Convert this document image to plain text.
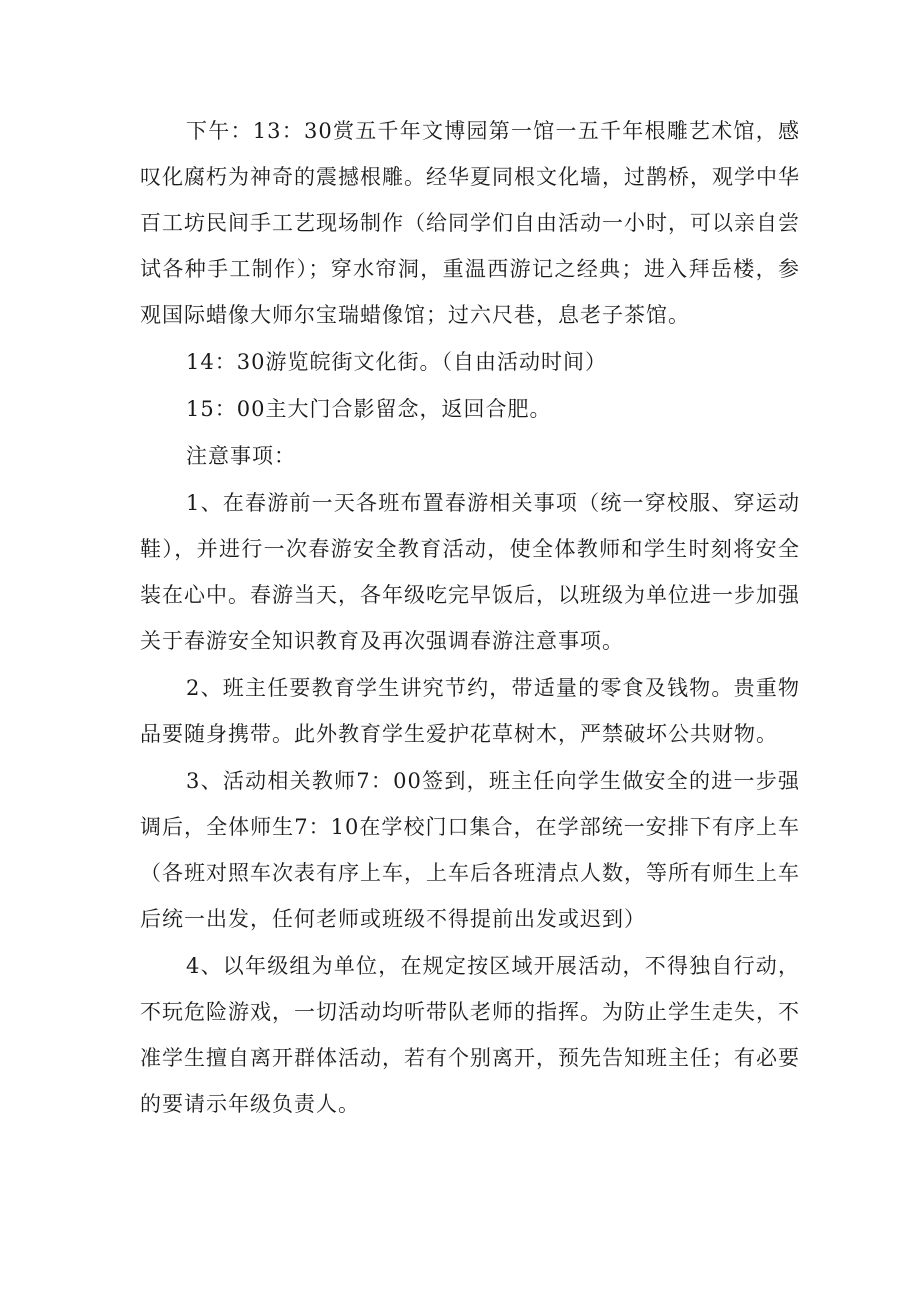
下午：13：30赏五千年文博园第一馆一五千年根雕艺术馆，感叹化腐朽为神奇的震撼根雕。经华夏同根文化墙，过鹊桥，观学中华百工坊民间手工艺现场制作（给同学们自由活动一小时，可以亲自尝试各种手工制作）；穿水帘洞，重温西游记之经典；进入拜岳楼，参观国际蜡像大师尔宝瑞蜡像馆；过六尺巷，息老子茶馆。

14：30游览皖街文化街。（自由活动时间）

15：00主大门合影留念，返回合肥。

注意事项：

1、在春游前一天各班布置春游相关事项（统一穿校服、穿运动鞋），并进行一次春游安全教育活动，使全体教师和学生时刻将安全装在心中。春游当天，各年级吃完早饭后，以班级为单位进一步加强关于春游安全知识教育及再次强调春游注意事项。

2、班主任要教育学生讲究节约，带适量的零食及钱物。贵重物品要随身携带。此外教育学生爱护花草树木，严禁破坏公共财物。

3、活动相关教师7：00签到，班主任向学生做安全的进一步强调后，全体师生7：10在学校门口集合，在学部统一安排下有序上车（各班对照车次表有序上车，上车后各班清点人数，等所有师生上车后统一出发，任何老师或班级不得提前出发或迟到）

4、以年级组为单位，在规定按区域开展活动，不得独自行动，不玩危险游戏，一切活动均听带队老师的指挥。为防止学生走失，不准学生擅自离开群体活动，若有个别离开，预先告知班主任；有必要的要请示年级负责人。
